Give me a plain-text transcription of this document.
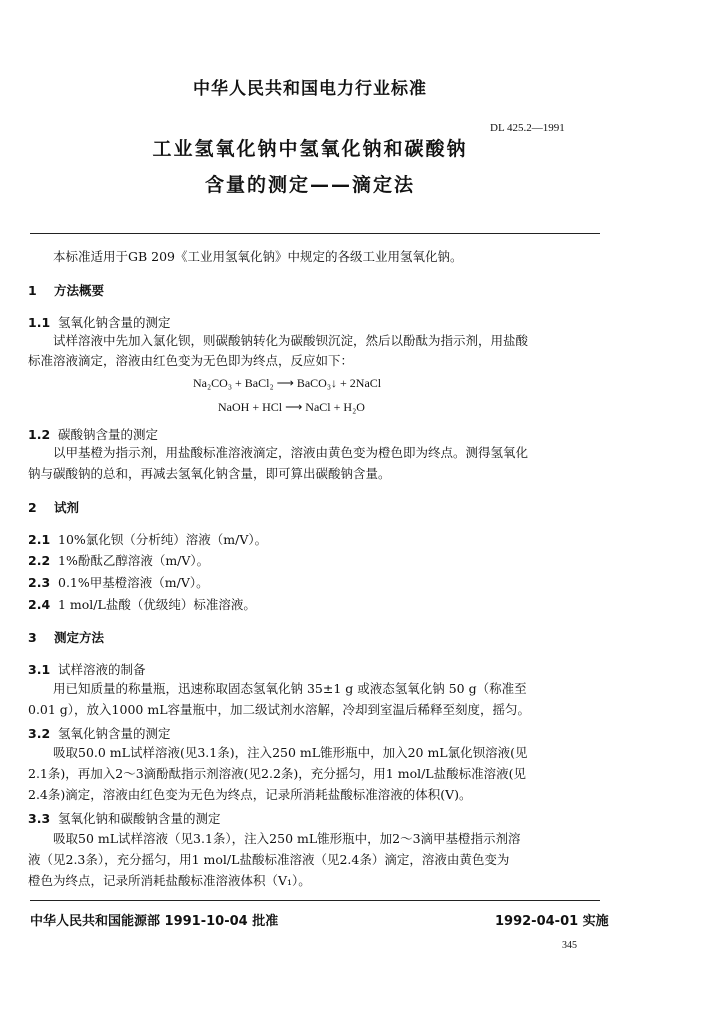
中华人民共和国电力行业标准
DL 425.2—1991
工业氢氧化钠中氢氧化钠和碳酸钠
含量的测定——滴定法
本标准适用于GB 209《工业用氢氧化钠》中规定的各级工业用氢氧化钠。
1 方法概要
1.1 氢氧化钠含量的测定
试样溶液中先加入氯化钡，则碳酸钠转化为碳酸钡沉淀，然后以酚酞为指示剂，用盐酸
标准溶液滴定，溶液由红色变为无色即为终点，反应如下：
Na₂CO₃ + BaCl₂ ⟶ BaCO₃↓ + 2NaCl
NaOH + HCl ⟶ NaCl + H₂O
1.2 碳酸钠含量的测定
以甲基橙为指示剂，用盐酸标准溶液滴定，溶液由黄色变为橙色即为终点。测得氢氧化
钠与碳酸钠的总和，再减去氢氧化钠含量，即可算出碳酸钠含量。
2 试剂
2.1 10%氯化钡（分析纯）溶液（m/V）。
2.2 1%酚酞乙醇溶液（m/V）。
2.3 0.1%甲基橙溶液（m/V）。
2.4 1 mol/L盐酸（优级纯）标准溶液。
3 测定方法
3.1 试样溶液的制备
用已知质量的称量瓶，迅速称取固态氢氧化钠 35±1 g 或液态氢氧化钠 50 g（称准至
0.01 g），放入1000 mL容量瓶中，加二级试剂水溶解，冷却到室温后稀释至刻度，摇匀。
3.2 氢氧化钠含量的测定
吸取50.0 mL试样溶液(见3.1条)，注入250 mL锥形瓶中，加入20 mL氯化钡溶液(见
2.1条)，再加入2～3滴酚酞指示剂溶液(见2.2条)，充分摇匀，用1 mol/L盐酸标准溶液(见
2.4条)滴定，溶液由红色变为无色为终点，记录所消耗盐酸标准溶液的体积(V)。
3.3 氢氧化钠和碳酸钠含量的测定
吸取50 mL试样溶液（见3.1条），注入250 mL锥形瓶中，加2～3滴甲基橙指示剂溶
液（见2.3条），充分摇匀，用1 mol/L盐酸标准溶液（见2.4条）滴定，溶液由黄色变为
橙色为终点，记录所消耗盐酸标准溶液体积（V₁）。
中华人民共和国能源部 1991-10-04 批准	1992-04-01 实施
345
